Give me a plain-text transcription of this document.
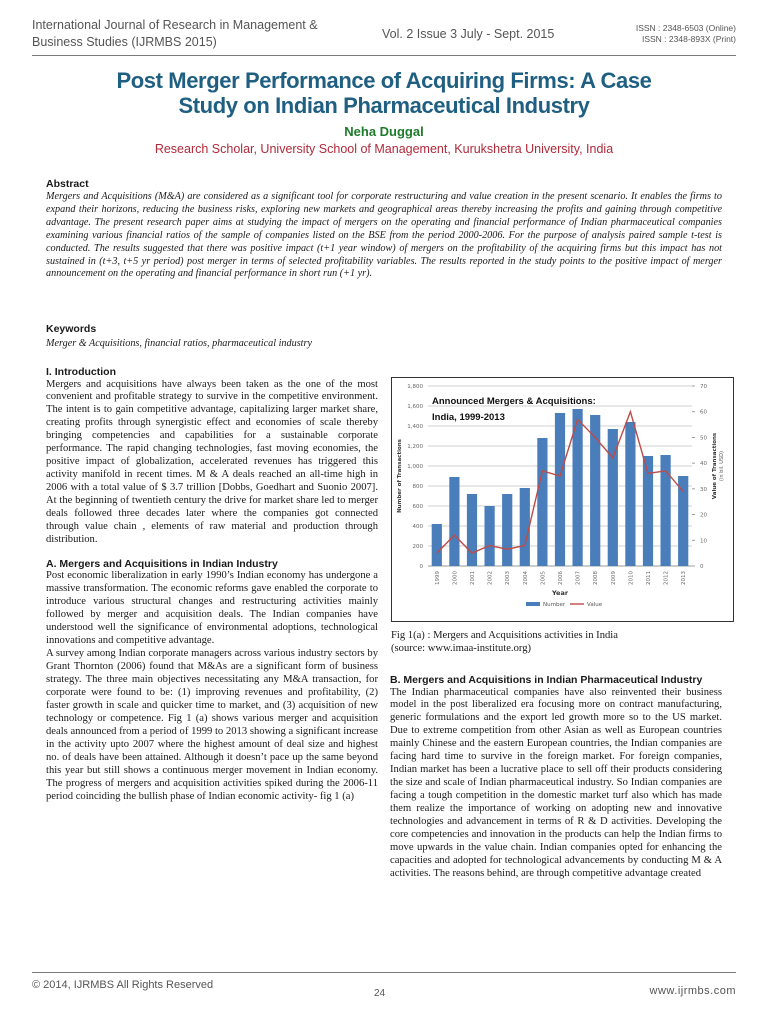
International Journal of Research in Management &
Business Studies (IJRMBS 2015)
Vol. 2 Issue 3 July - Sept. 2015	ISSN : 2348-6503 (Online)
ISSN : 2348-893X (Print)
Post Merger Performance of Acquiring Firms: A Case
Study on Indian Pharmaceutical Industry
Neha Duggal
Research Scholar, University School of Management, Kurukshetra University, India
Abstract

Mergers and Acquisitions (M&A) are considered as a significant tool for corporate restructuring and value creation in the present scenario. It enables the firms to expand their horizons, reducing the business risks, exploring new markets and geographical areas thereby increasing the profits and gaining through competitive advantage. The present research paper aims at studying the impact of mergers on the operating and financial performance of Indian pharmaceutical companies examining various financial ratios of the sample of companies listed on the BSE from the period 2000-2006. For the purpose of analysis paired sample t-test is conducted. The results suggested that there was positive impact (t+1 year window) of mergers on the profitability of the acquiring firms but this impact has not sustained in (t+3, t+5 yr period) post merger in terms of selected profitability variables. The results reported in the study points to the positive impact of merger announcement on the operating and financial performance in short run (+1 yr).

Keywords
Merger & Acquisitions, financial ratios, pharmaceutical industry
I. Introduction

Mergers and acquisitions have always been taken as the one of the most convenient and profitable strategy to survive in the competitive environment. The intent is to gain competitive advantage, capitalizing larger market share, creating profits through synergistic effect and economies of scale thereby bringing competencies and capabilities for a sustainable corporate performance. The rapid changing technologies, fast moving economies, the positive impact of globalization, accelerated revenues has triggered this activity manifold in recent times. M & A deals reached an all-time high in 2006 with a total value of $ 3.7 trillion [Dobbs, Goedhart and Suonio 2007]. At the beginning of twentieth century the drive for market share led to merger deals followed three decades later where the companies got connected through value chain , elements of raw material and production through distribution.

A. Mergers and Acquisitions in Indian Industry

Post economic liberalization in early 1990’s Indian economy has undergone a massive transformation. The economic reforms gave enabled the corporate to introduce various structural changes and restructuring activities mainly followed by merger and acquisition deals. The Indian companies have understood well the significance of environmental adoptions, technological innovations and competitive advantage.

A survey among Indian corporate managers across various industry sectors by Grant Thornton (2006) found that M&As are a significant form of business strategy. The three main objectives necessitating any M&A transaction, for corporate were found to be: (1) improving revenues and profitability, (2) faster growth in scale and quicker time to market, and (3) acquisition of new technology or competence. Fig 1 (a) shows various merger and acquisition deals announced from a period of 1999 to 2013 showing a significant increase in the activity upto 2007 where the highest amount of deal size and highest no. of deals have been attained. Although it doesn’t pace up the same beyond this year but still shows a continuous merger movement in Indian economy. The progress of mergers and acquisition activities spiked during the 2006-11 period coinciding the bullish phase of Indian economic activity- fig 1 (a)

0
200
400
600
800
1,000
1,200
1,400
1,600
1,800
0
10
20
30
40
50
60
70
1999 2000 2001 2002 2003 2004 2005 2006 2007 2008 2009 2010 2011 2012 2013
Year
Number of Transactions	Value of Transactions (in bil. USD)
Announced Mergers & Acquisitions:
India, 1999-2013
Number	Value
Fig 1(a) : Mergers and Acquisitions activities in India
(source: www.imaa-institute.org)
B. Mergers and Acquisitions in Indian Pharmaceutical Industry

The Indian pharmaceutical companies have also reinvented their business model in the post liberalized era focusing more on contract manufacturing, generic formulations and the export led growth more so to the US market. Due to extreme competition from other Asian as well as European countries mainly Chinese and the eastern European countries, the Indian companies are facing hard time to survive in the foreign market. For foreign companies, Indian market has been a lucrative place to sell off their products considering the size and scale of Indian pharmaceutical industry. So Indian companies are facing a tough competition in the domestic market turf also which has made them realize the importance of working on adopting new and innovative technologies and advancement in terms of R & D activities. Developing the core competencies and innovation in the products can help the Indian firms to move upwards in the value chain. Indian companies opted for enhancing the capacities and adopted for technological advancements by conducting M & A activities. The reasons behind, are through competitive advantage created

© 2014, IJRMBS All Rights Reserved
24	www.ijrmbs.com
